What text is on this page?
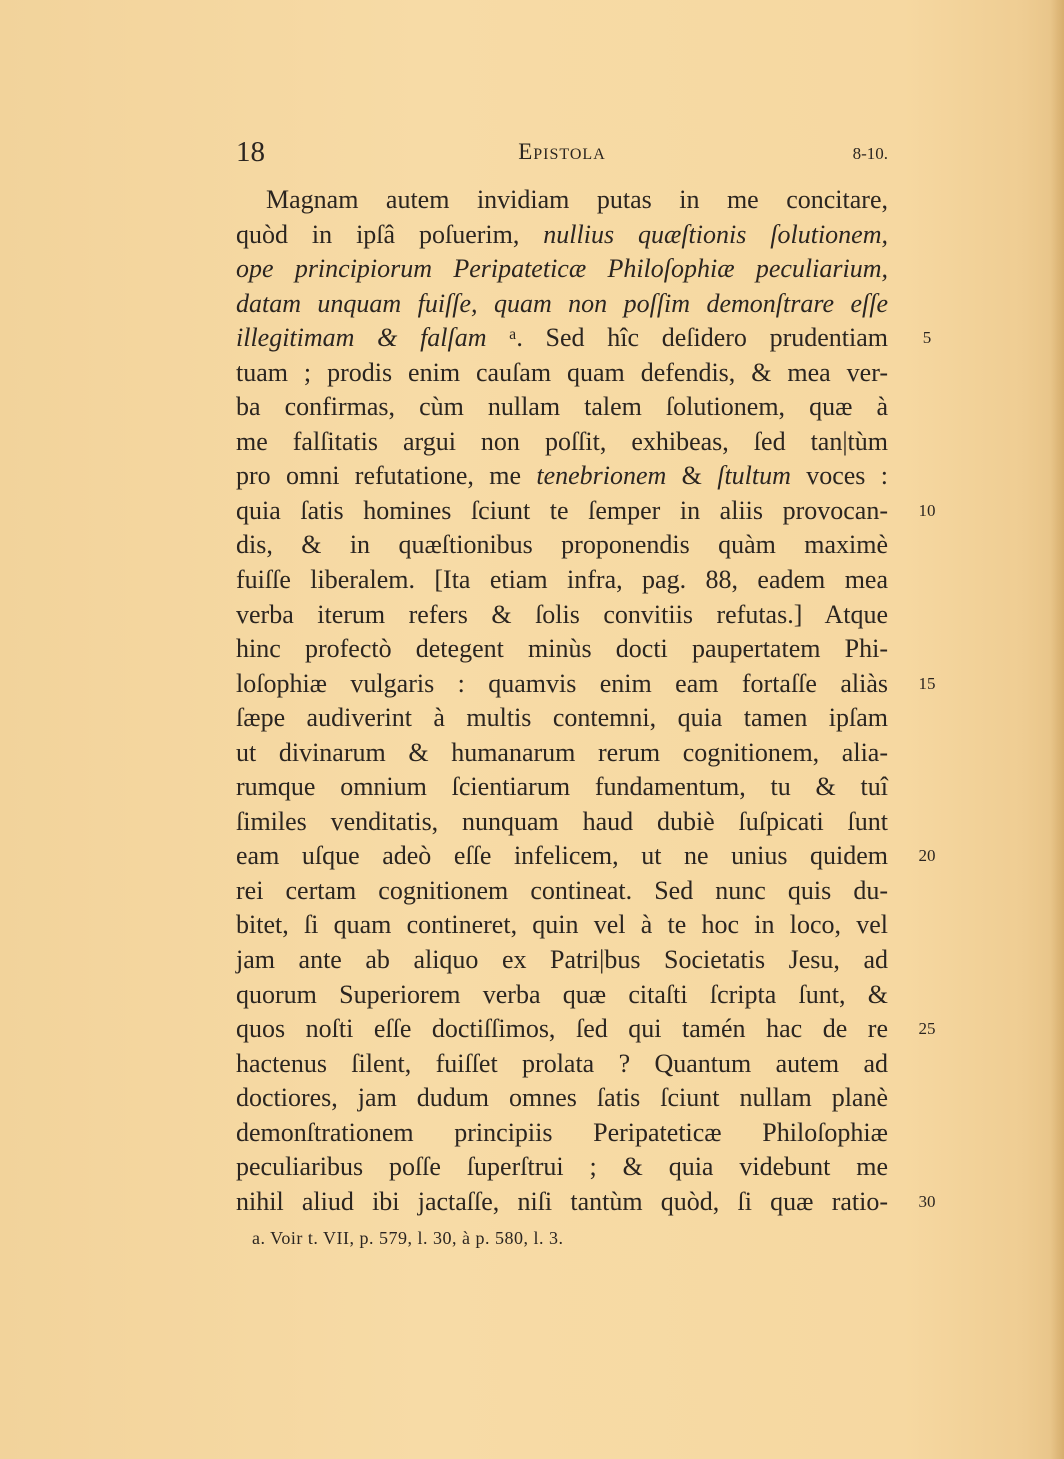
18	Epistola	8-10.
Magnam autem invidiam putas in me concitare,
quòd in ipſâ poſuerim, nullius quæſtionis ſolutionem,
ope principiorum Peripateticæ Philoſophiæ peculiarium,
datam unquam fuiſſe, quam non poſſim demonſtrare eſſe
illegitimam & falſam ᵃ. Sed hîc deſidero prudentiam
tuam ; prodis enim cauſam quam defendis, & mea ver-
ba confirmas, cùm nullam talem ſolutionem, quæ à
me falſitatis argui non poſſit, exhibeas, ſed tan|tùm
pro omni refutatione, me tenebrionem & ſtultum voces :
quia ſatis homines ſciunt te ſemper in aliis provocan-
dis, & in quæſtionibus proponendis quàm maximè
fuiſſe liberalem. [Ita etiam infra, pag. 88, eadem mea
verba iterum refers & ſolis convitiis refutas.] Atque
hinc profectò detegent minùs docti paupertatem Phi-
loſophiæ vulgaris : quamvis enim eam fortaſſe aliàs
ſæpe audiverint à multis contemni, quia tamen ipſam
ut divinarum & humanarum rerum cognitionem, alia-
rumque omnium ſcientiarum fundamentum, tu & tuî
ſimiles venditatis, nunquam haud dubiè ſuſpicati ſunt
eam uſque adeò eſſe infelicem, ut ne unius quidem
rei certam cognitionem contineat. Sed nunc quis du-
bitet, ſi quam contineret, quin vel à te hoc in loco, vel
jam ante ab aliquo ex Patri|bus Societatis Jesu, ad
quorum Superiorem verba quæ citaſti ſcripta ſunt, &
quos noſti eſſe doctiſſimos, ſed qui tamén hac de re
hactenus ſilent, fuiſſet prolata ? Quantum autem ad
doctiores, jam dudum omnes ſatis ſciunt nullam planè
demonſtrationem principiis Peripateticæ Philoſophiæ
peculiaribus poſſe ſuperſtrui ; & quia videbunt me
nihil aliud ibi jactaſſe, niſi tantùm quòd, ſi quæ ratio-
5
10
15
20
25
30
a. Voir t. VII, p. 579, l. 30, à p. 580, l. 3.
